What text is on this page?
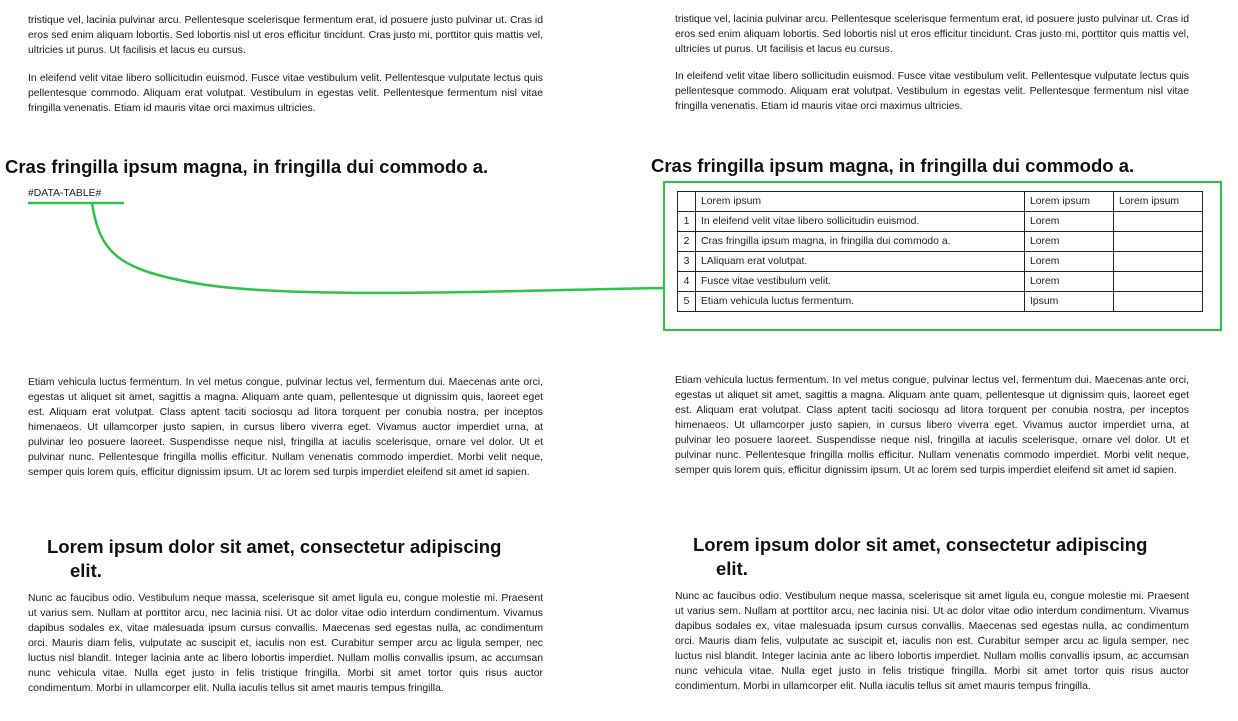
tristique vel, lacinia pulvinar arcu. Pellentesque scelerisque fermentum erat, id posuere justo pulvinar ut. Cras id eros sed enim aliquam lobortis. Sed lobortis nisl ut eros efficitur tincidunt. Cras justo mi, porttitor quis mattis vel, ultricies ut purus. Ut facilisis et lacus eu cursus.

In eleifend velit vitae libero sollicitudin euismod. Fusce vitae vestibulum velit. Pellentesque vulputate lectus quis pellentesque commodo. Aliquam erat volutpat. Vestibulum in egestas velit. Pellentesque fermentum nisl vitae fringilla venenatis. Etiam id mauris vitae orci maximus ultricies.

Cras fringilla ipsum magna, in fringilla dui commodo a.

Etiam vehicula luctus fermentum. In vel metus congue, pulvinar lectus vel, fermentum dui. Maecenas ante orci, egestas ut aliquet sit amet, sagittis a magna. Aliquam ante quam, pellentesque ut dignissim quis, laoreet eget est. Aliquam erat volutpat. Class aptent taciti sociosqu ad litora torquent per conubia nostra, per inceptos himenaeos. Ut ullamcorper justo sapien, in cursus libero viverra eget. Vivamus auctor imperdiet urna, at pulvinar leo posuere laoreet. Suspendisse neque nisl, fringilla at iaculis scelerisque, ornare vel dolor. Ut et pulvinar nunc. Pellentesque fringilla mollis efficitur. Nullam venenatis commodo imperdiet. Morbi velit neque, semper quis lorem quis, efficitur dignissim ipsum. Ut ac lorem sed turpis imperdiet eleifend sit amet id sapien.

Lorem ipsum dolor sit amet, consectetur adipiscing
elit.

Nunc ac faucibus odio. Vestibulum neque massa, scelerisque sit amet ligula eu, congue molestie mi. Praesent ut varius sem. Nullam at porttitor arcu, nec lacinia nisi. Ut ac dolor vitae odio interdum condimentum. Vivamus dapibus sodales ex, vitae malesuada ipsum cursus convallis. Maecenas sed egestas nulla, ac condimentum orci. Mauris diam felis, vulputate ac suscipit et, iaculis non est. Curabitur semper arcu ac ligula semper, nec luctus nisl blandit. Integer lacinia ante ac libero lobortis imperdiet. Nullam mollis convallis ipsum, ac accumsan nunc vehicula vitae. Nulla eget justo in felis tristique fringilla. Morbi sit amet tortor quis risus auctor condimentum. Morbi in ullamcorper elit. Nulla iaculis tellus sit amet mauris tempus fringilla.

#DATA-TABLE#

tristique vel, lacinia pulvinar arcu. Pellentesque scelerisque fermentum erat, id posuere justo pulvinar ut. Cras id eros sed enim aliquam lobortis. Sed lobortis nisl ut eros efficitur tincidunt. Cras justo mi, porttitor quis mattis vel, ultricies ut purus. Ut facilisis et lacus eu cursus.

In eleifend velit vitae libero sollicitudin euismod. Fusce vitae vestibulum velit. Pellentesque vulputate lectus quis pellentesque commodo. Aliquam erat volutpat. Vestibulum in egestas velit. Pellentesque fermentum nisl vitae fringilla venenatis. Etiam id mauris vitae orci maximus ultricies.

Cras fringilla ipsum magna, in fringilla dui commodo a.

Etiam vehicula luctus fermentum. In vel metus congue, pulvinar lectus vel, fermentum dui. Maecenas ante orci, egestas ut aliquet sit amet, sagittis a magna. Aliquam ante quam, pellentesque ut dignissim quis, laoreet eget est. Aliquam erat volutpat. Class aptent taciti sociosqu ad litora torquent per conubia nostra, per inceptos himenaeos. Ut ullamcorper justo sapien, in cursus libero viverra eget. Vivamus auctor imperdiet urna, at pulvinar leo posuere laoreet. Suspendisse neque nisl, fringilla at iaculis scelerisque, ornare vel dolor. Ut et pulvinar nunc. Pellentesque fringilla mollis efficitur. Nullam venenatis commodo imperdiet. Morbi velit neque, semper quis lorem quis, efficitur dignissim ipsum. Ut ac lorem sed turpis imperdiet eleifend sit amet id sapien.

Lorem ipsum dolor sit amet, consectetur adipiscing
elit.

Nunc ac faucibus odio. Vestibulum neque massa, scelerisque sit amet ligula eu, congue molestie mi. Praesent ut varius sem. Nullam at porttitor arcu, nec lacinia nisi. Ut ac dolor vitae odio interdum condimentum. Vivamus dapibus sodales ex, vitae malesuada ipsum cursus convallis. Maecenas sed egestas nulla, ac condimentum orci. Mauris diam felis, vulputate ac suscipit et, iaculis non est. Curabitur semper arcu ac ligula semper, nec luctus nisl blandit. Integer lacinia ante ac libero lobortis imperdiet. Nullam mollis convallis ipsum, ac accumsan nunc vehicula vitae. Nulla eget justo in felis tristique fringilla. Morbi sit amet tortor quis risus auctor condimentum. Morbi in ullamcorper elit. Nulla iaculis tellus sit amet mauris tempus fringilla.

	Lorem ipsum	Lorem ipsum	Lorem ipsum
1	In eleifend velit vitae libero sollicitudin euismod.	Lorem	
2	Cras fringilla ipsum magna, in fringilla dui commodo a.	Lorem	
3	LAliquam erat volutpat.	Lorem	
4	Fusce vitae vestibulum velit.	Lorem	
5	Etiam vehicula luctus fermentum.	Ipsum	
